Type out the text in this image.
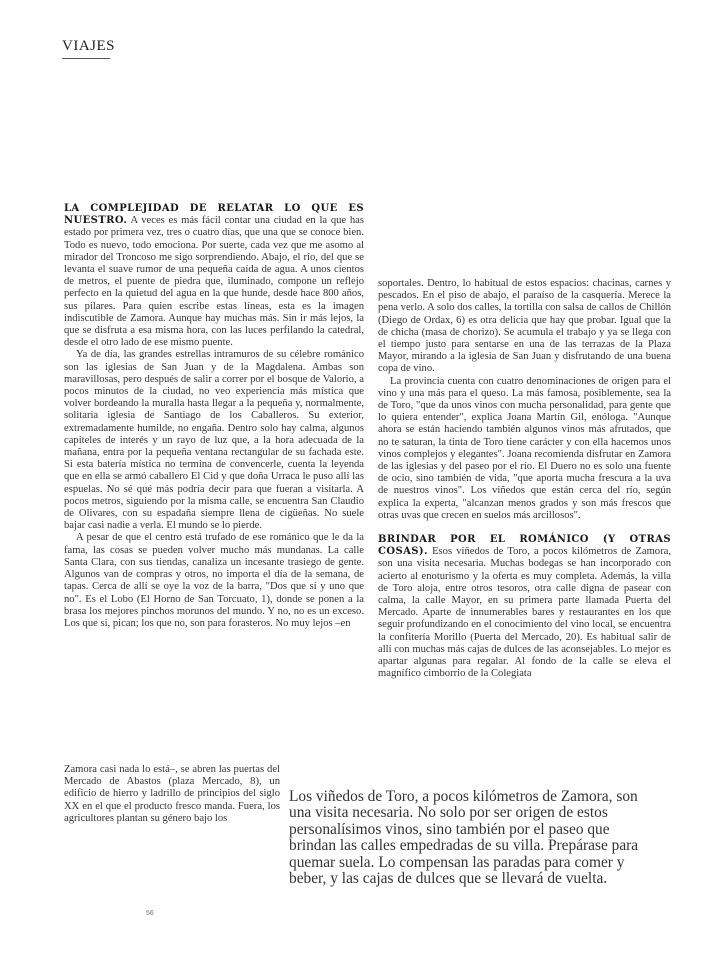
VIAJES

LA COMPLEJIDAD DE RELATAR LO QUE ES NUESTRO. A veces es más fácil contar una ciudad en la que has estado por primera vez, tres o cuatro días, que una que se conoce bien. Todo es nuevo, todo emociona. Por suerte, cada vez que me asomo al mirador del Troncoso me sigo sorprendiendo. Abajo, el río, del que se levanta el suave rumor de una pequeña caída de agua. A unos cientos de metros, el puente de piedra que, iluminado, compone un reflejo perfecto en la quietud del agua en la que hunde, desde hace 800 años, sus pilares. Para quien escribe estas líneas, esta es la imagen indiscutible de Zamora. Aunque hay muchas más. Sin ir más lejos, la que se disfruta a esa misma hora, con las luces perfilando la catedral, desde el otro lado de ese mismo puente.

Ya de día, las grandes estrellas intramuros de su célebre románico son las iglesias de San Juan y de la Magdalena. Ambas son maravillosas, pero después de salir a correr por el bosque de Valorio, a pocos minutos de la ciudad, no veo experiencia más mística que volver bordeando la muralla hasta llegar a la pequeña y, normalmente, solitaria iglesia de Santiago de los Caballeros. Su exterior, extremadamente humilde, no engaña. Dentro solo hay calma, algunos capiteles de interés y un rayo de luz que, a la hora adecuada de la mañana, entra por la pequeña ventana rectangular de su fachada este. Si esta batería mística no termina de convencerle, cuenta la leyenda que en ella se armó caballero El Cid y que doña Urraca le puso allí las espuelas. No sé qué más podría decir para que fueran a visitarla. A pocos metros, siguiendo por la misma calle, se encuentra San Claudio de Olivares, con su espadaña siempre llena de cigüeñas. No suele bajar casi nadie a verla. El mundo se lo pierde.

A pesar de que el centro está trufado de ese románico que le da la fama, las cosas se pueden volver mucho más mundanas. La calle Santa Clara, con sus tiendas, canaliza un incesante trasiego de gente. Algunos van de compras y otros, no importa el día de la semana, de tapas. Cerca de allí se oye la voz de la barra, "Dos que sí y uno que no". Es el Lobo (El Horno de San Torcuato, 1), donde se ponen a la brasa los mejores pinchos morunos del mundo. Y no, no es un exceso. Los que sí, pican; los que no, son para forasteros. No muy lejos –en

Zamora casi nada lo está–, se abren las puertas del Mercado de Abastos (plaza Mercado, 8), un edificio de hierro y ladrillo de principios del siglo XX en el que el producto fresco manda. Fuera, los agricultores plantan su género bajo los

soportales. Dentro, lo habitual de estos espacios: chacinas, carnes y pescados. En el piso de abajo, el paraíso de la casquería. Merece la pena verlo. A solo dos calles, la tortilla con salsa de callos de Chillón (Diego de Ordax, 6) es otra delicia que hay que probar. Igual que la de chicha (masa de chorizo). Se acumula el trabajo y ya se llega con el tiempo justo para sentarse en una de las terrazas de la Plaza Mayor, mirando a la iglesia de San Juan y disfrutando de una buena copa de vino.

La provincia cuenta con cuatro denominaciones de origen para el vino y una más para el queso. La más famosa, posiblemente, sea la de Toro, "que da unos vinos con mucha personalidad, para gente que lo quiera entender", explica Joana Martín Gil, enóloga. "Aunque ahora se están haciendo también algunos vinos más afrutados, que no te saturan, la tinta de Toro tiene carácter y con ella hacemos unos vinos complejos y elegantes". Joana recomienda disfrutar en Zamora de las iglesias y del paseo por el río. El Duero no es solo una fuente de ocio, sino también de vida, "que aporta mucha frescura a la uva de nuestros vinos". Los viñedos que están cerca del río, según explica la experta, "alcanzan menos grados y son más frescos que otras uvas que crecen en suelos más arcillosos".

BRINDAR POR EL ROMÁNICO (Y OTRAS COSAS). Esos viñedos de Toro, a pocos kilómetros de Zamora, son una visita necesaria. Muchas bodegas se han incorporado con acierto al enoturismo y la oferta es muy completa. Además, la villa de Toro aloja, entre otros tesoros, otra calle digna de pasear con calma, la calle Mayor, en su primera parte llamada Puerta del Mercado. Aparte de innumerables bares y restaurantes en los que seguir profundizando en el conocimiento del vino local, se encuentra la confitería Morillo (Puerta del Mercado, 20). Es habitual salir de allí con muchas más cajas de dulces de las aconsejables. Lo mejor es apartar algunas para regalar. Al fondo de la calle se eleva el magnífico cimborrio de la Colegiata

Los viñedos de Toro, a pocos kilómetros de Zamora, son una visita necesaria. No solo por ser origen de estos personalísimos vinos, sino también por el paseo que brindan las calles empedradas de su villa. Prepárase para quemar suela. Lo compensan las paradas para comer y beber, y las cajas de dulces que se llevará de vuelta.
56
